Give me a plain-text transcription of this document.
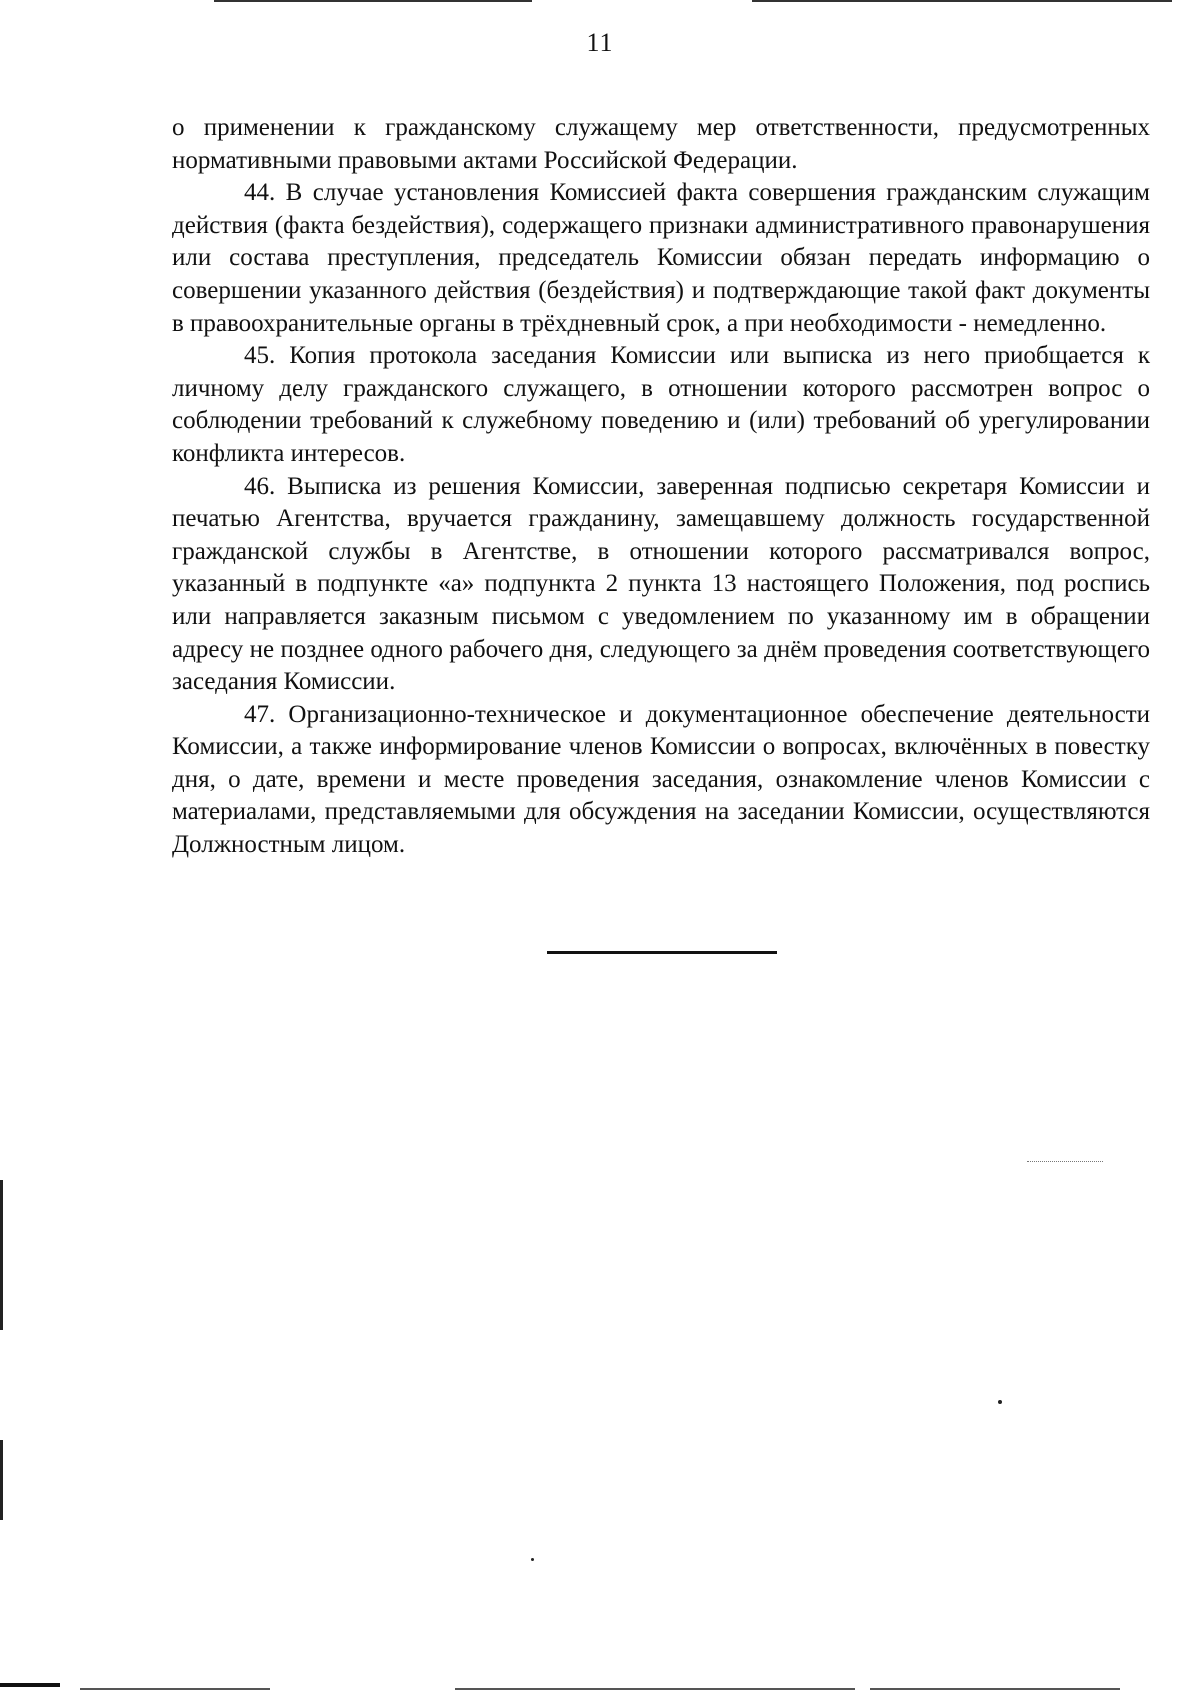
11

о применении к гражданскому служащему мер ответственности, предусмотренных нормативными правовыми актами Российской Федерации.

44. В случае установления Комиссией факта совершения гражданским служащим действия (факта бездействия), содержащего признаки административного правонарушения или состава преступления, председатель Комиссии обязан передать информацию о совершении указанного действия (бездействия) и подтверждающие такой факт документы в правоохранительные органы в трёхдневный срок, а при необходимости - немедленно.

45. Копия протокола заседания Комиссии или выписка из него приобщается к личному делу гражданского служащего, в отношении которого рассмотрен вопрос о соблюдении требований к служебному поведению и (или) требований об урегулировании конфликта интересов.

46. Выписка из решения Комиссии, заверенная подписью секретаря Комиссии и печатью Агентства, вручается гражданину, замещавшему должность государственной гражданской службы в Агентстве, в отношении которого рассматривался вопрос, указанный в подпункте «а» подпункта 2 пункта 13 настоящего Положения, под роспись или направляется заказным письмом с уведомлением по указанному им в обращении адресу не позднее одного рабочего дня, следующего за днём проведения соответствующего заседания Комиссии.

47. Организационно-техническое и документационное обеспечение деятельности Комиссии, а также информирование членов Комиссии о вопросах, включённых в повестку дня, о дате, времени и месте проведения заседания, ознакомление членов Комиссии с материалами, представляемыми для обсуждения на заседании Комиссии, осуществляются Должностным лицом.
